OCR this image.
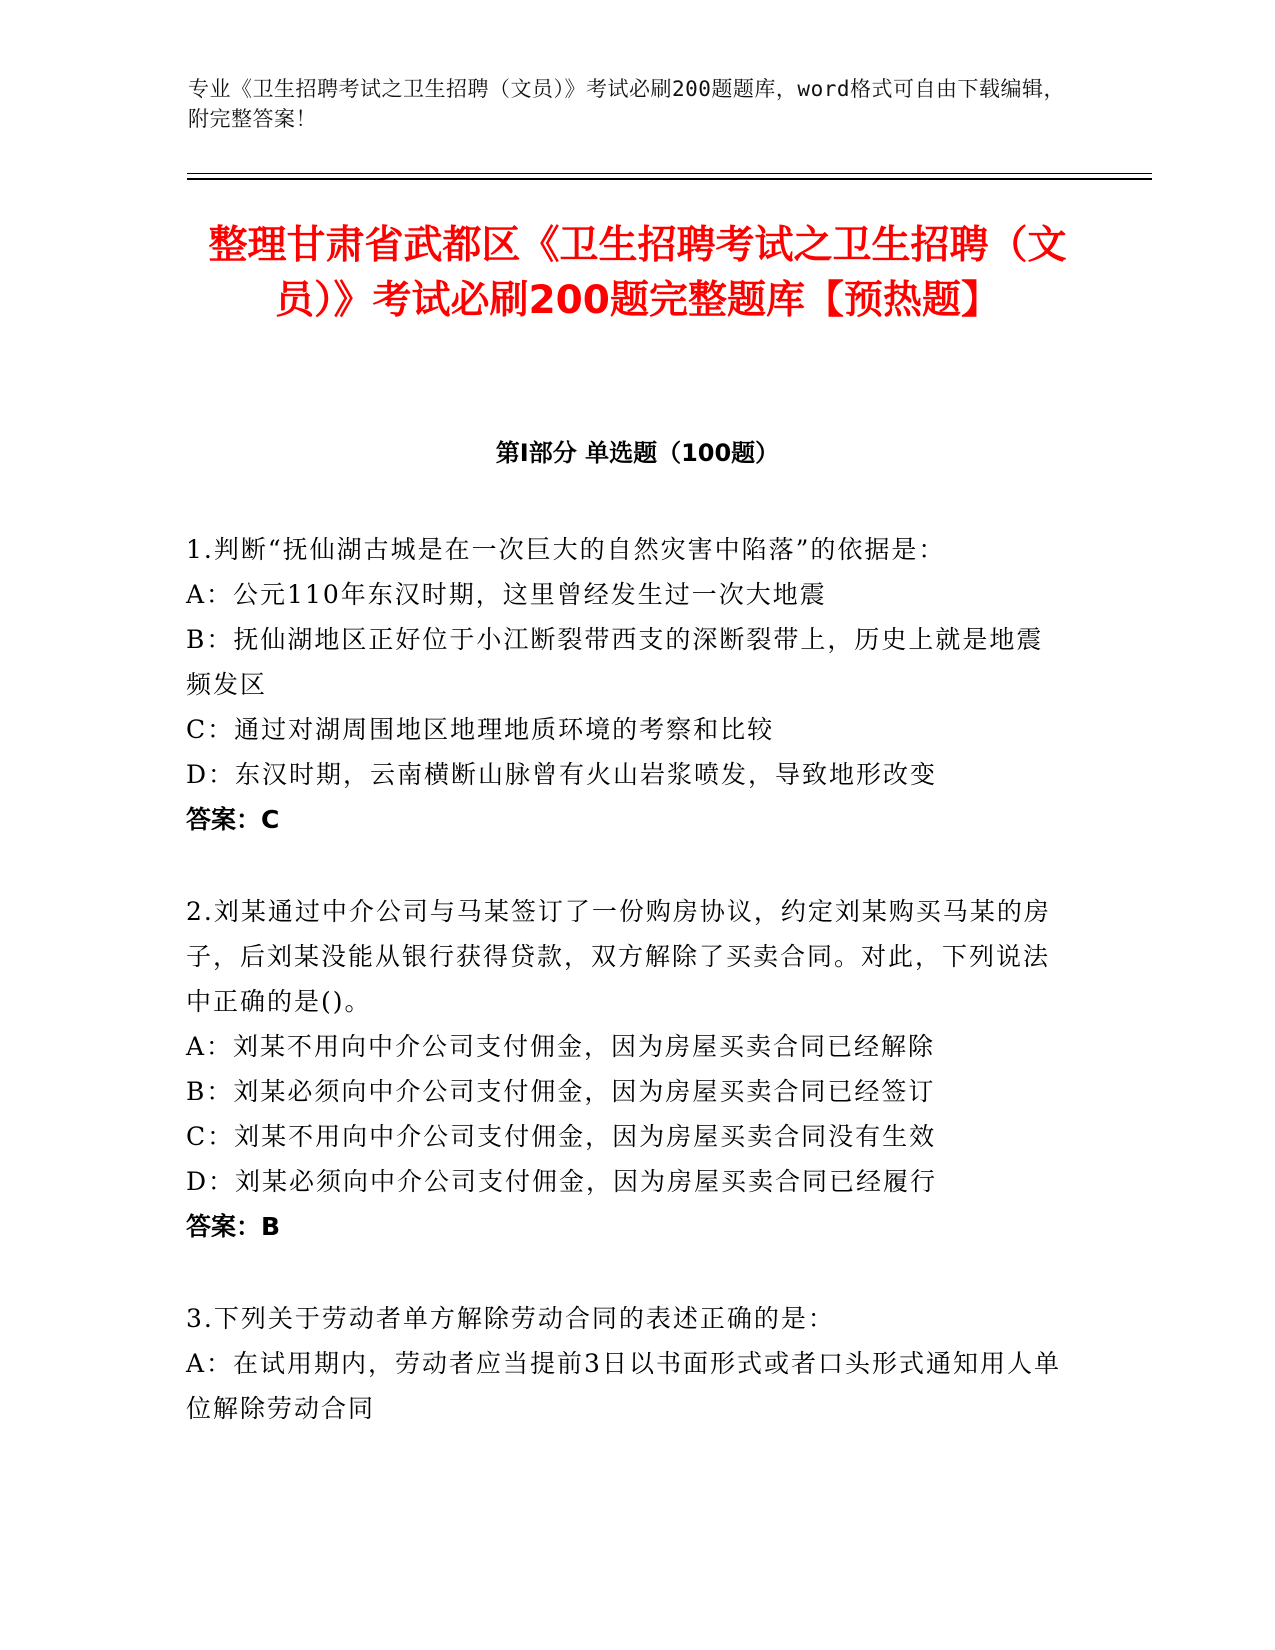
专业《卫生招聘考试之卫生招聘（文员）》考试必刷200题题库，word格式可自由下载编辑，附完整答案！
整理甘肃省武都区《卫生招聘考试之卫生招聘（文员）》考试必刷200题完整题库【预热题】
第Ⅰ部分 单选题（100题）

1.判断“抚仙湖古城是在一次巨大的自然灾害中陷落”的依据是：

A：公元110年东汉时期，这里曾经发生过一次大地震

B：抚仙湖地区正好位于小江断裂带西支的深断裂带上，历史上就是地震频发区

C：通过对湖周围地区地理地质环境的考察和比较

D：东汉时期，云南横断山脉曾有火山岩浆喷发，导致地形改变

答案：C

2.刘某通过中介公司与马某签订了一份购房协议，约定刘某购买马某的房子，后刘某没能从银行获得贷款，双方解除了买卖合同。对此，下列说法中正确的是()。

A：刘某不用向中介公司支付佣金，因为房屋买卖合同已经解除

B：刘某必须向中介公司支付佣金，因为房屋买卖合同已经签订

C：刘某不用向中介公司支付佣金，因为房屋买卖合同没有生效

D：刘某必须向中介公司支付佣金，因为房屋买卖合同已经履行

答案：B

3.下列关于劳动者单方解除劳动合同的表述正确的是：

A：在试用期内，劳动者应当提前3日以书面形式或者口头形式通知用人单位解除劳动合同
